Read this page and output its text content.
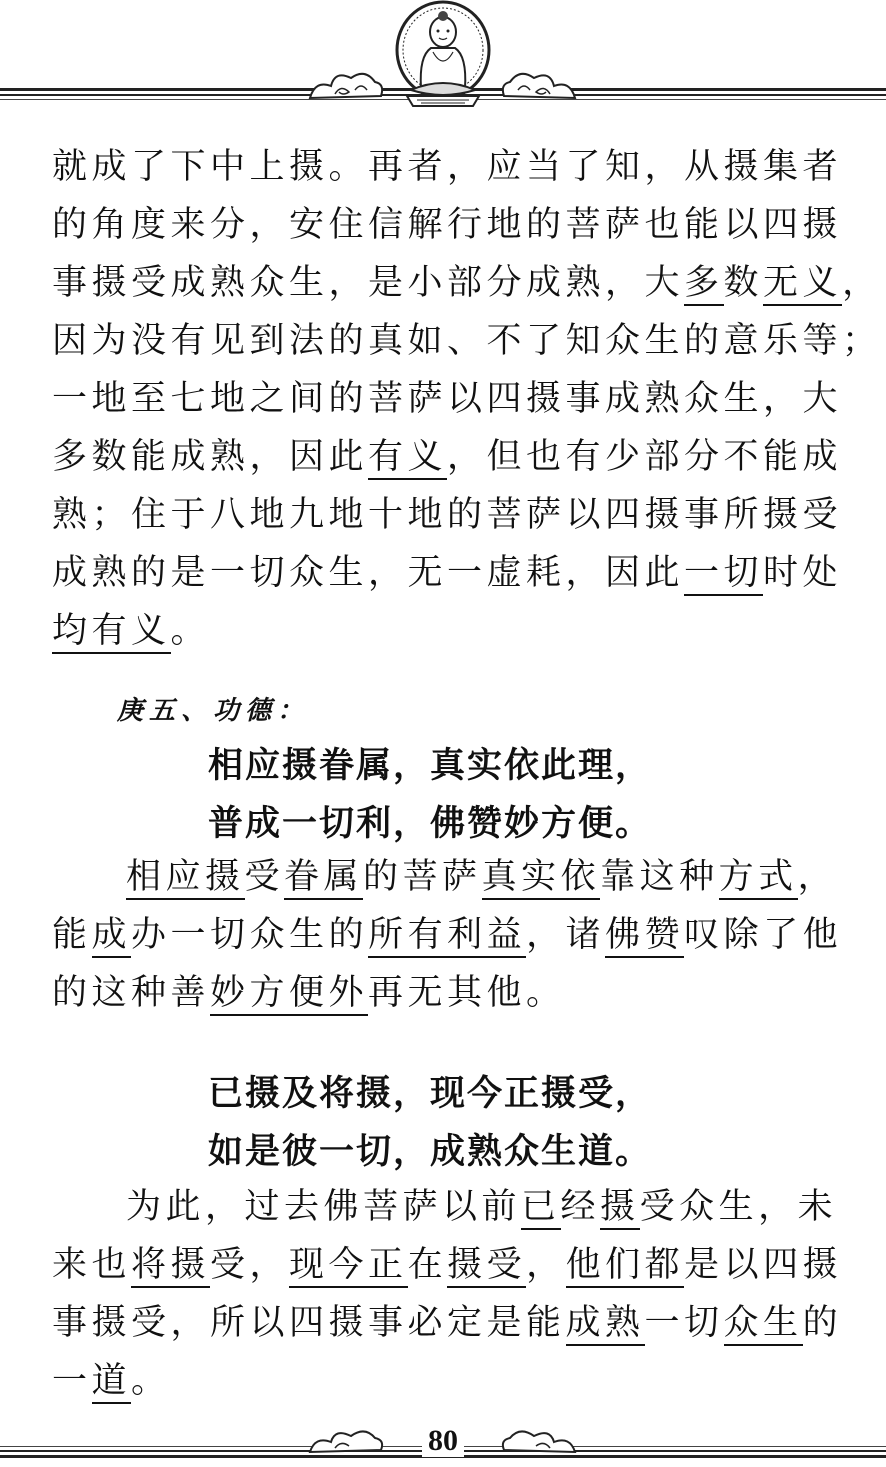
就成了下中上摄。再者，应当了知，从摄集者
的角度来分，安住信解行地的菩萨也能以四摄
事摄受成熟众生，是小部分成熟，大多数无义，
因为没有见到法的真如、不了知众生的意乐等；
一地至七地之间的菩萨以四摄事成熟众生，大
多数能成熟，因此有义，但也有少部分不能成
熟；住于八地九地十地的菩萨以四摄事所摄受
成熟的是一切众生，无一虚耗，因此一切时处
均有义。

庚五、功德：

相应摄眷属，真实依此理，

普成一切利，佛赞妙方便。

相应摄受眷属的菩萨真实依靠这种方式，
能成办一切众生的所有利益，诸佛赞叹除了他
的这种善妙方便外再无其他。

已摄及将摄，现今正摄受，

如是彼一切，成熟众生道。

为此，过去佛菩萨以前已经摄受众生，未
来也将摄受，现今正在摄受，他们都是以四摄
事摄受，所以四摄事必定是能成熟一切众生的
一道。

80
